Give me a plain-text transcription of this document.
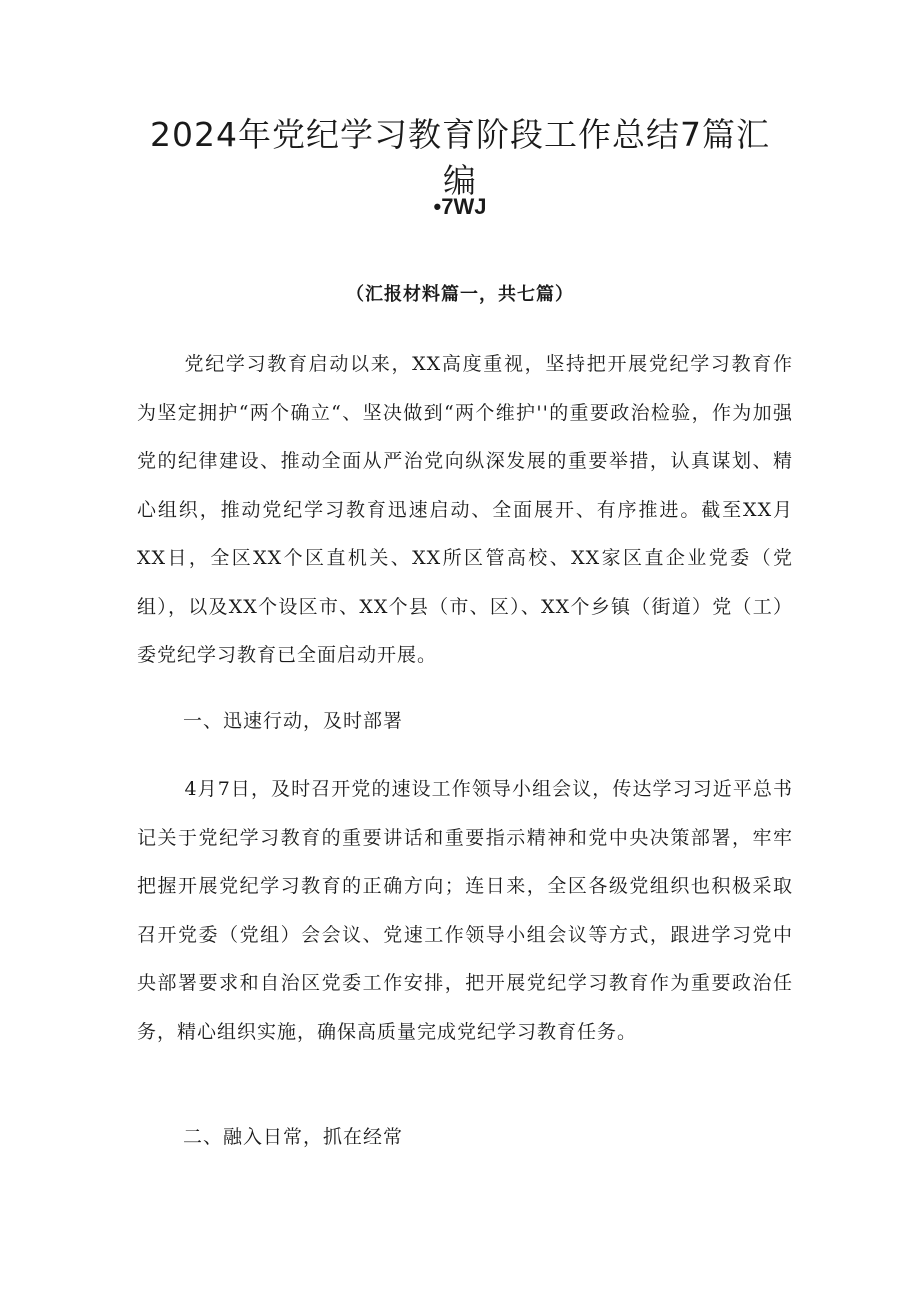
2024年党纪学习教育阶段工作总结7篇汇编
•7WJ
（汇报材料篇一，共七篇）

党纪学习教育启动以来，XX高度重视，坚持把开展党纪学习教育作为坚定拥护“两个确立“、坚决做到“两个维护''的重要政治检验，作为加强党的纪律建设、推动全面从严治党向纵深发展的重要举措，认真谋划、精心组织，推动党纪学习教育迅速启动、全面展开、有序推进。截至XX月XX日，全区XX个区直机关、XX所区管高校、XX家区直企业党委（党组），以及XX个设区市、XX个县（市、区）、XX个乡镇（街道）党（工）委党纪学习教育已全面启动开展。

一、迅速行动，及时部署

4月7日，及时召开党的速设工作领导小组会议，传达学习习近平总书记关于党纪学习教育的重要讲话和重要指示精神和党中央决策部署，牢牢把握开展党纪学习教育的正确方向；连日来，全区各级党组织也积极采取召开党委（党组）会会议、党速工作领导小组会议等方式，跟进学习党中央部署要求和自治区党委工作安排，把开展党纪学习教育作为重要政治任务，精心组织实施，确保高质量完成党纪学习教育任务。

二、融入日常，抓在经常
